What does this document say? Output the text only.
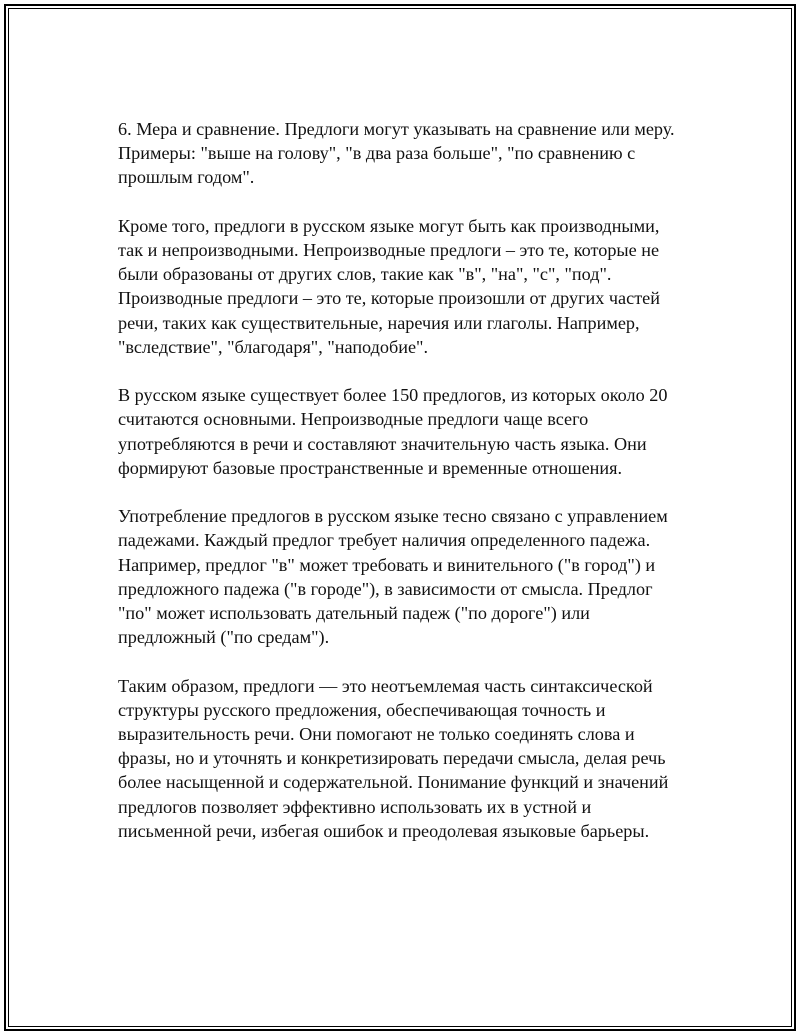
6. Мера и сравнение. Предлоги могут указывать на сравнение или меру.
Примеры: "выше на голову", "в два раза больше", "по сравнению с
прошлым годом".

Кроме того, предлоги в русском языке могут быть как производными,
так и непроизводными. Непроизводные предлоги – это те, которые не
были образованы от других слов, такие как "в", "на", "с", "под".
Производные предлоги – это те, которые произошли от других частей
речи, таких как существительные, наречия или глаголы. Например,
"вследствие", "благодаря", "наподобие".

В русском языке существует более 150 предлогов, из которых около 20
считаются основными. Непроизводные предлоги чаще всего
употребляются в речи и составляют значительную часть языка. Они
формируют базовые пространственные и временные отношения.

Употребление предлогов в русском языке тесно связано с управлением
падежами. Каждый предлог требует наличия определенного падежа.
Например, предлог "в" может требовать и винительного ("в город") и
предложного падежа ("в городе"), в зависимости от смысла. Предлог
"по" может использовать дательный падеж ("по дороге") или
предложный ("по средам").

Таким образом, предлоги — это неотъемлемая часть синтаксической
структуры русского предложения, обеспечивающая точность и
выразительность речи. Они помогают не только соединять слова и
фразы, но и уточнять и конкретизировать передачи смысла, делая речь
более насыщенной и содержательной. Понимание функций и значений
предлогов позволяет эффективно использовать их в устной и
письменной речи, избегая ошибок и преодолевая языковые барьеры.
